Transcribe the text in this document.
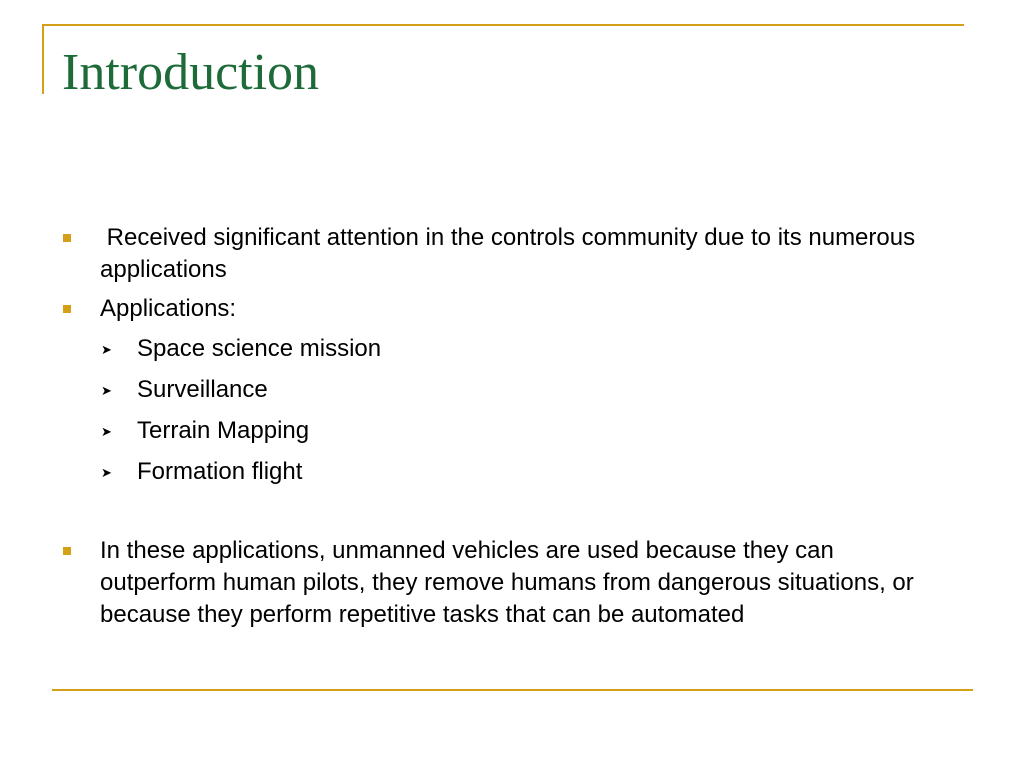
Introduction
Received significant attention in the controls community due to its numerous applications
Applications:
➤ Space science mission
➤ Surveillance
➤ Terrain Mapping
➤ Formation flight
In these applications, unmanned vehicles are used because they can outperform human pilots, they remove humans from dangerous situations, or because they perform repetitive tasks that can be automated
